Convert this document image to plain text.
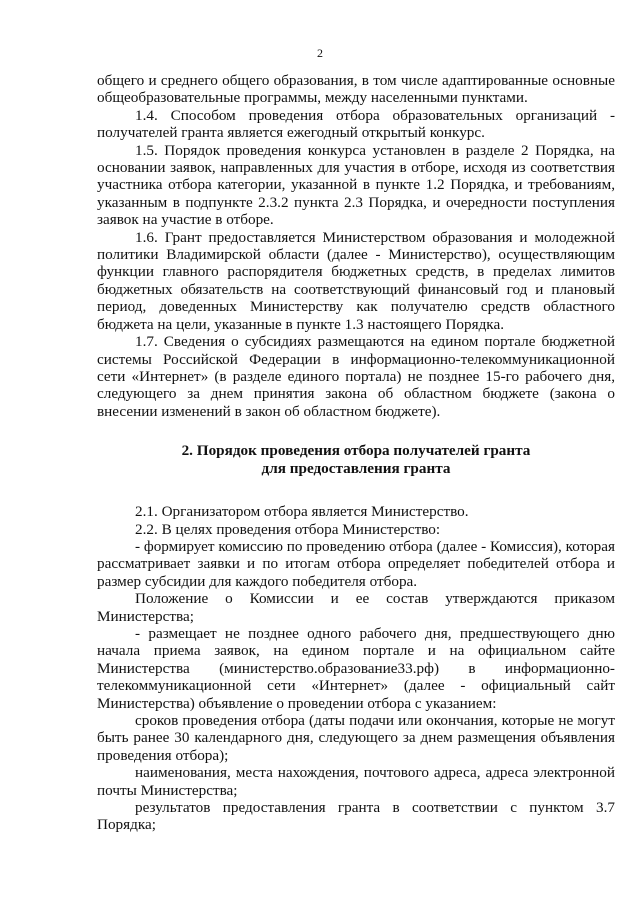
2

общего и среднего общего образования, в том числе адаптированные основные общеобразовательные программы, между населенными пунктами.

1.4. Способом проведения отбора образовательных организаций - получателей гранта является ежегодный открытый конкурс.

1.5. Порядок проведения конкурса установлен в разделе 2 Порядка, на основании заявок, направленных для участия в отборе, исходя из соответствия участника отбора категории, указанной в пункте 1.2 Порядка, и требованиям, указанным в подпункте 2.3.2 пункта 2.3 Порядка, и очередности поступления заявок на участие в отборе.

1.6. Грант предоставляется Министерством образования и молодежной политики Владимирской области (далее - Министерство), осуществляющим функции главного распорядителя бюджетных средств, в пределах лимитов бюджетных обязательств на соответствующий финансовый год и плановый период, доведенных Министерству как получателю средств областного бюджета на цели, указанные в пункте 1.3 настоящего Порядка.

1.7. Сведения о субсидиях размещаются на едином портале бюджетной системы Российской Федерации в информационно-телекоммуникационной сети «Интернет» (в разделе единого портала) не позднее 15-го рабочего дня, следующего за днем принятия закона об областном бюджете (закона о внесении изменений в закон об областном бюджете).

2. Порядок проведения отбора получателей гранта
для предоставления гранта

2.1. Организатором отбора является Министерство.

2.2. В целях проведения отбора Министерство:

- формирует комиссию по проведению отбора (далее - Комиссия), которая рассматривает заявки и по итогам отбора определяет победителей отбора и размер субсидии для каждого победителя отбора.

Положение о Комиссии и ее состав утверждаются приказом Министерства;

- размещает не позднее одного рабочего дня, предшествующего дню начала приема заявок, на едином портале и на официальном сайте Министерства (министерство.образование33.рф) в информационно-телекоммуникационной сети «Интернет» (далее - официальный сайт Министерства) объявление о проведении отбора с указанием:

сроков проведения отбора (даты подачи или окончания, которые не могут быть ранее 30 календарного дня, следующего за днем размещения объявления проведения отбора);

наименования, места нахождения, почтового адреса, адреса электронной почты Министерства;

результатов предоставления гранта в соответствии с пунктом 3.7 Порядка;
